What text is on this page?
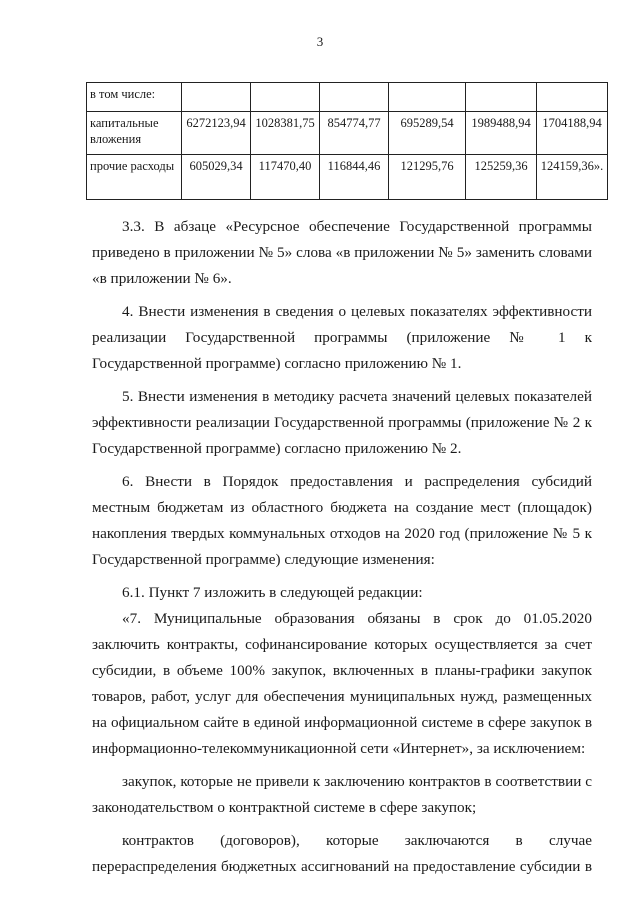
3
в том числе:						
капитальные вложения	6272123,94	1028381,75	854774,77	695289,54	1989488,94	1704188,94
прочие расходы	605029,34	117470,40	116844,46	121295,76	125259,36	124159,36».

3.3. В абзаце «Ресурсное обеспечение Государственной программы приведено в приложении № 5» слова «в приложении № 5» заменить словами «в приложении № 6».

4. Внести изменения в сведения о целевых показателях эффективности реализации Государственной программы (приложение № 1 к Государственной программе) согласно приложению № 1.

5. Внести изменения в методику расчета значений целевых показателей эффективности реализации Государственной программы (приложение № 2 к Государственной программе) согласно приложению № 2.

6. Внести в Порядок предоставления и распределения субсидий местным бюджетам из областного бюджета на создание мест (площадок) накопления твердых коммунальных отходов на 2020 год (приложение № 5 к Государственной программе) следующие изменения:

6.1. Пункт 7 изложить в следующей редакции:

«7. Муниципальные образования обязаны в срок до 01.05.2020 заключить контракты, софинансирование которых осуществляется за счет субсидии, в объеме 100% закупок, включенных в планы-графики закупок товаров, работ, услуг для обеспечения муниципальных нужд, размещенных на официальном сайте в единой информационной системе в сфере закупок в информационно-телекоммуникационной сети «Интернет», за исключением:

закупок, которые не привели к заключению контрактов в соответствии с законодательством о контрактной системе в сфере закупок;

контрактов (договоров), которые заключаются в случае перераспределения бюджетных ассигнований на предоставление субсидии в
